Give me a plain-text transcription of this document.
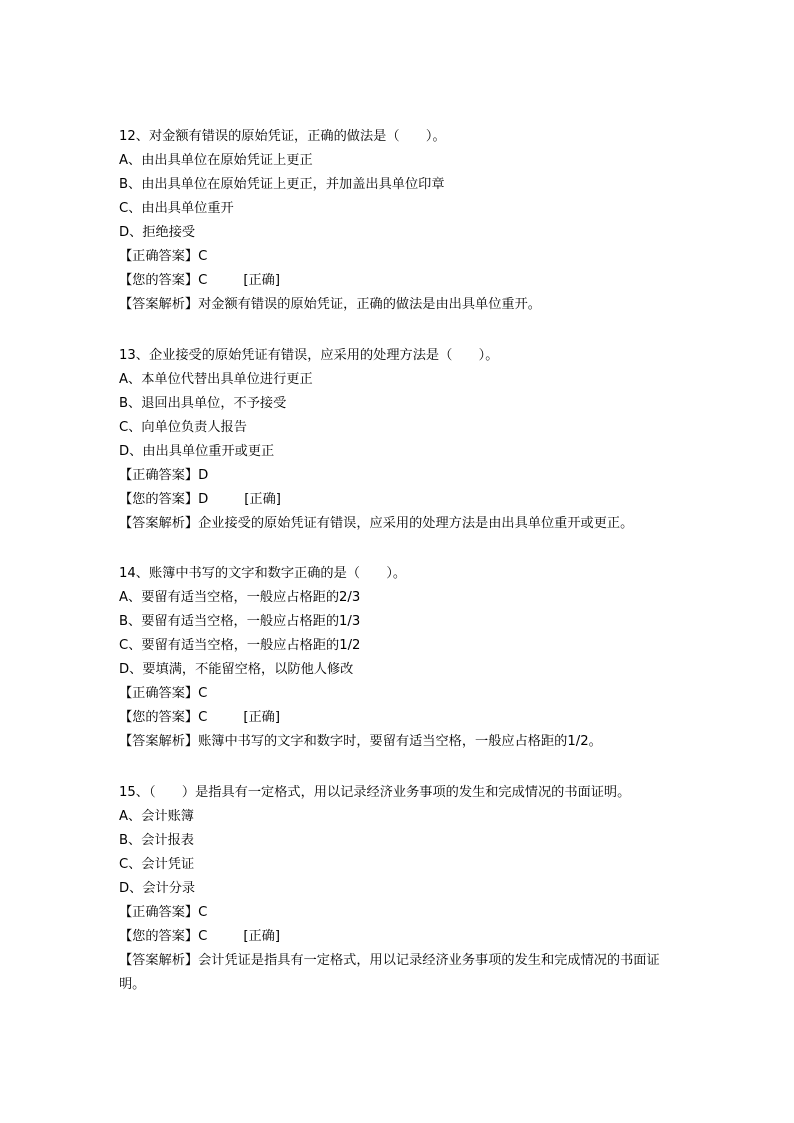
12、对金额有错误的原始凭证，正确的做法是（　　）。
A、由出具单位在原始凭证上更正
B、由出具单位在原始凭证上更正，并加盖出具单位印章
C、由出具单位重开
D、拒绝接受
【正确答案】C
【您的答案】C	[正确]
【答案解析】对金额有错误的原始凭证，正确的做法是由出具单位重开。
13、企业接受的原始凭证有错误，应采用的处理方法是（　　）。
A、本单位代替出具单位进行更正
B、退回出具单位，不予接受
C、向单位负责人报告
D、由出具单位重开或更正
【正确答案】D
【您的答案】D	[正确]
【答案解析】企业接受的原始凭证有错误，应采用的处理方法是由出具单位重开或更正。
14、账簿中书写的文字和数字正确的是（　　）。
A、要留有适当空格，一般应占格距的2/3
B、要留有适当空格，一般应占格距的1/3
C、要留有适当空格，一般应占格距的1/2
D、要填满，不能留空格，以防他人修改
【正确答案】C
【您的答案】C	[正确]
【答案解析】账簿中书写的文字和数字时，要留有适当空格，一般应占格距的1/2。
15、（　　）是指具有一定格式，用以记录经济业务事项的发生和完成情况的书面证明。
A、会计账簿
B、会计报表
C、会计凭证
D、会计分录
【正确答案】C
【您的答案】C	[正确]
【答案解析】会计凭证是指具有一定格式，用以记录经济业务事项的发生和完成情况的书面证明。
